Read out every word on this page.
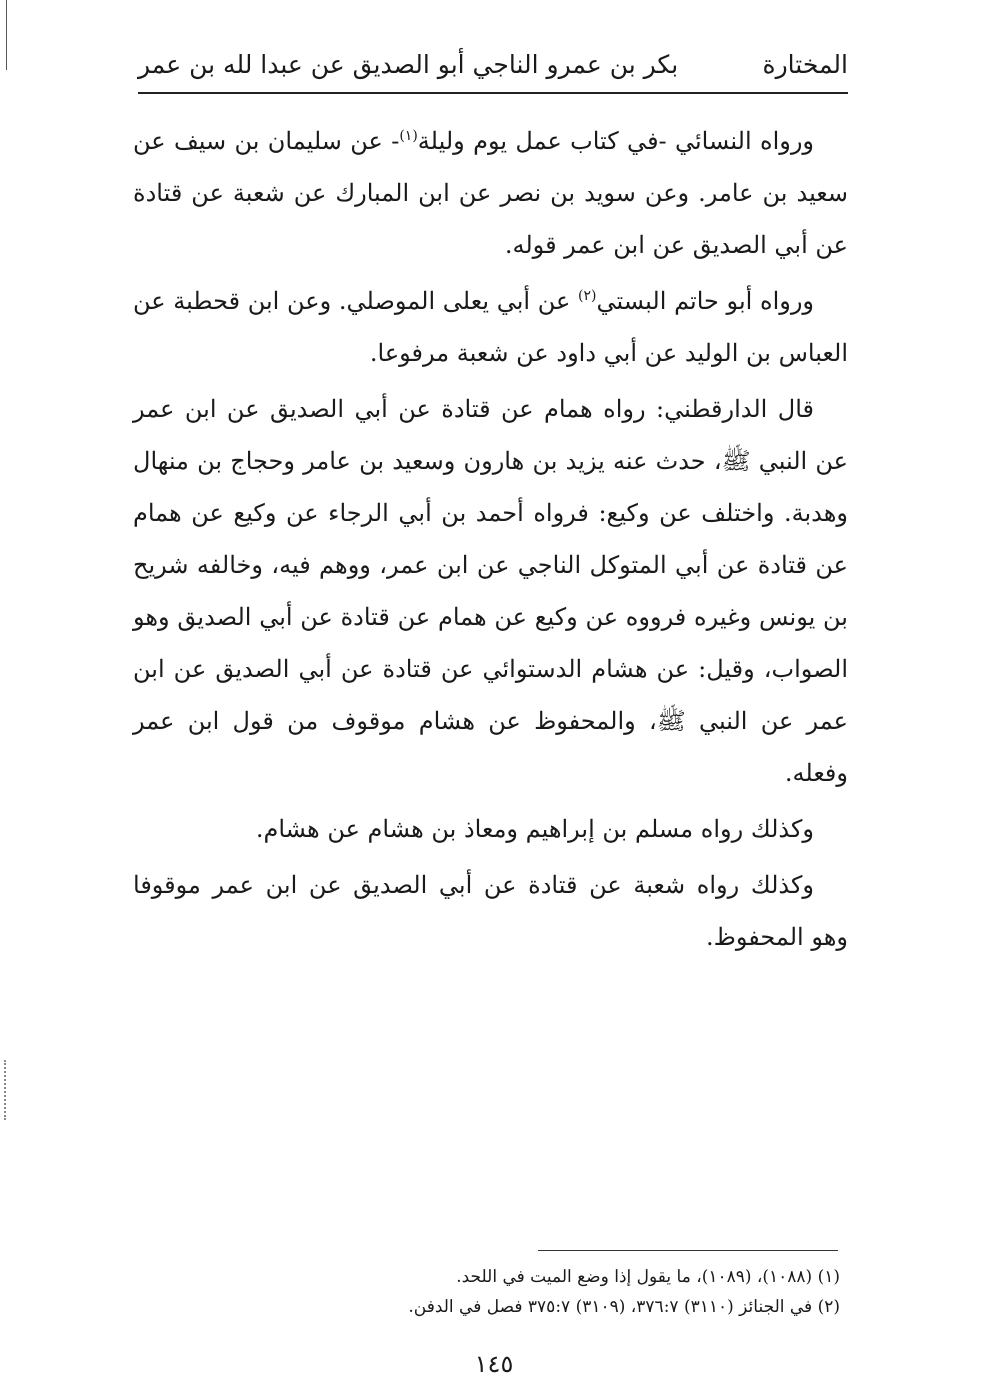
المختارة
بكر بن عمرو الناجي أبو الصديق عن عبدا لله بن عمر

ورواه النسائي -في كتاب عمل يوم وليلة$^{(١)}$- عن سليمان بن سيف عن سعيد بن عامر. وعن سويد بن نصر عن ابن المبارك عن شعبة عن قتادة عن أبي الصديق عن ابن عمر قوله.

ورواه أبو حاتم البستي$^{(٢)}$ عن أبي يعلى الموصلي. وعن ابن قحطبة عن العباس بن الوليد عن أبي داود عن شعبة مرفوعا.

قال الدارقطني: رواه همام عن قتادة عن أبي الصديق عن ابن عمر عن النبي ﷺ، حدث عنه يزيد بن هارون وسعيد بن عامر وحجاج بن منهال وهدبة. واختلف عن وكيع: فرواه أحمد بن أبي الرجاء عن وكيع عن همام عن قتادة عن أبي المتوكل الناجي عن ابن عمر، ووهم فيه، وخالفه شريح بن يونس وغيره فرووه عن وكيع عن همام عن قتادة عن أبي الصديق وهو الصواب، وقيل: عن هشام الدستوائي عن قتادة عن أبي الصديق عن ابن عمر عن النبي ﷺ، والمحفوظ عن هشام موقوف من قول ابن عمر وفعله.

وكذلك رواه مسلم بن إبراهيم ومعاذ بن هشام عن هشام.

وكذلك رواه شعبة عن قتادة عن أبي الصديق عن ابن عمر موقوفا وهو المحفوظ.

(١) (١٠٨٨)، (١٠٨٩)، ما يقول إذا وضع الميت في اللحد.
(٢) في الجنائز (٣١١٠) ٣٧٦:٧، (٣١٠٩) ٣٧٥:٧ فصل في الدفن.
١٤٥
